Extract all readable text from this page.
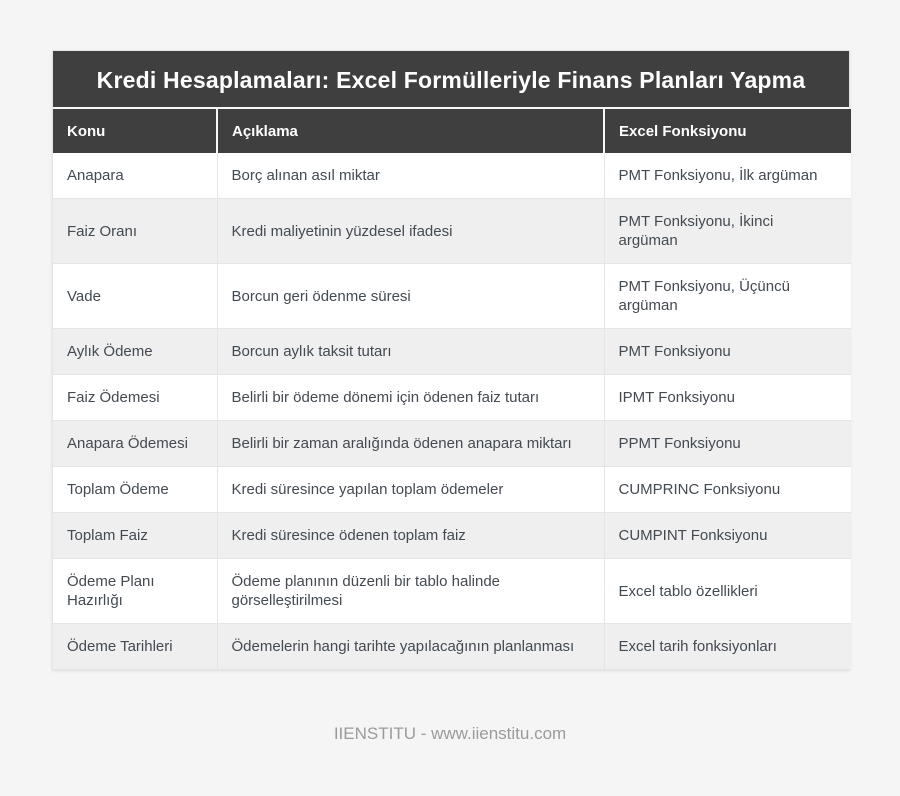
Kredi Hesaplamaları: Excel Formülleriyle Finans Planları Yapma
Konu	Açıklama	Excel Fonksiyonu
Anapara	Borç alınan asıl miktar	PMT Fonksiyonu, İlk argüman
Faiz Oranı	Kredi maliyetinin yüzdesel ifadesi	PMT Fonksiyonu, İkinci argüman
Vade	Borcun geri ödenme süresi	PMT Fonksiyonu, Üçüncü argüman
Aylık Ödeme	Borcun aylık taksit tutarı	PMT Fonksiyonu
Faiz Ödemesi	Belirli bir ödeme dönemi için ödenen faiz tutarı	IPMT Fonksiyonu
Anapara Ödemesi	Belirli bir zaman aralığında ödenen anapara miktarı	PPMT Fonksiyonu
Toplam Ödeme	Kredi süresince yapılan toplam ödemeler	CUMPRINC Fonksiyonu
Toplam Faiz	Kredi süresince ödenen toplam faiz	CUMPINT Fonksiyonu
Ödeme Planı Hazırlığı	Ödeme planının düzenli bir tablo halinde görselleştirilmesi	Excel tablo özellikleri
Ödeme Tarihleri	Ödemelerin hangi tarihte yapılacağının planlanması	Excel tarih fonksiyonları
IIENSTITU - www.iienstitu.com
